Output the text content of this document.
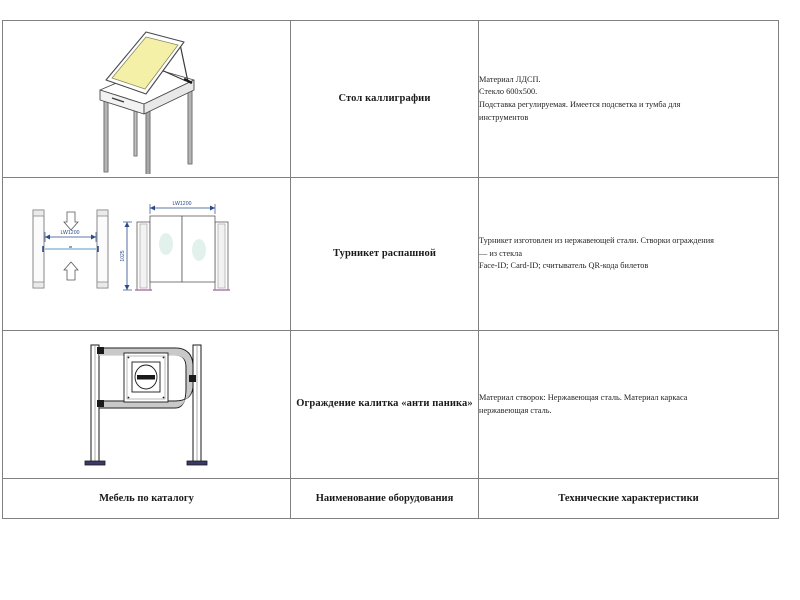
	Стол каллиграфии	Материал ЛДСП.

Стекло 600х500.

Подставка регулируемая. Имеется подсветка и тумба для

инструментов

LW1200
LW1200
1025	Турникет распашной	

Турникет изготовлен из нержавеющей стали. Створки ограждения

— из стекла

Face-ID; Card-ID; считыватель QR-кода билетов

	Ограждение калитка «анти паника»	Материал створок: Нержавеющая сталь. Материал каркаса

нержавеющая сталь.

Мебель по каталогу	Наименование оборудования	Технические характеристики
